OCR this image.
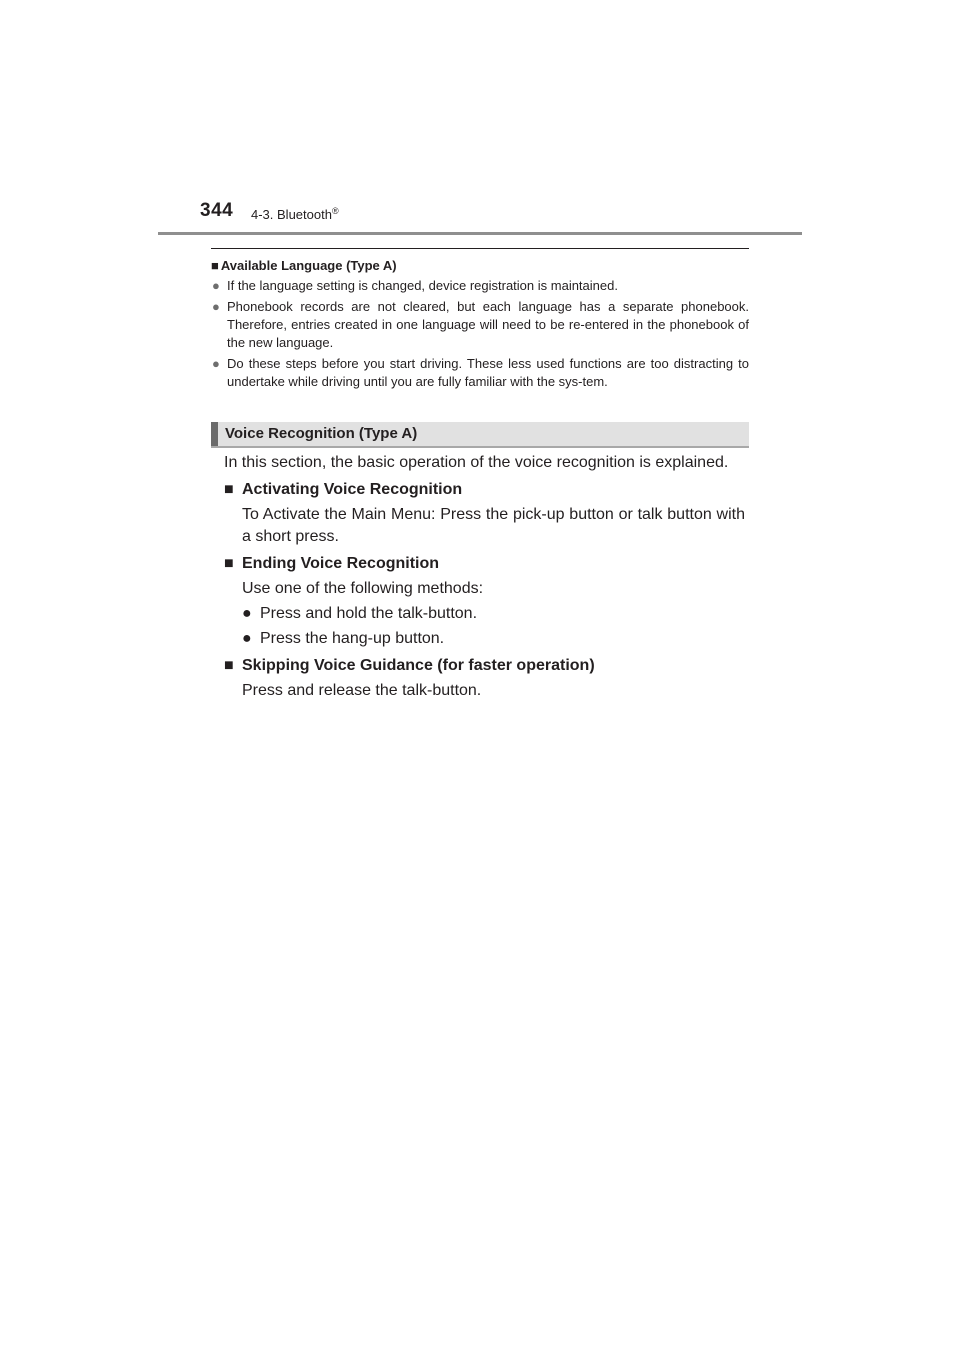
344 4-3. Bluetooth®
■ Available Language (Type A)
● If the language setting is changed, device registration is maintained.
● Phonebook records are not cleared, but each language has a separate phonebook. Therefore, entries created in one language will need to be re-entered in the phonebook of the new language.
● Do these steps before you start driving. These less used functions are too distracting to undertake while driving until you are fully familiar with the sys-tem.
Voice Recognition (Type A)
In this section, the basic operation of the voice recognition is explained.
■ Activating Voice Recognition
To Activate the Main Menu: Press the pick-up button or talk button with a short press.
■ Ending Voice Recognition
Use one of the following methods:
● Press and hold the talk-button.
● Press the hang-up button.
■ Skipping Voice Guidance (for faster operation)
Press and release the talk-button.
